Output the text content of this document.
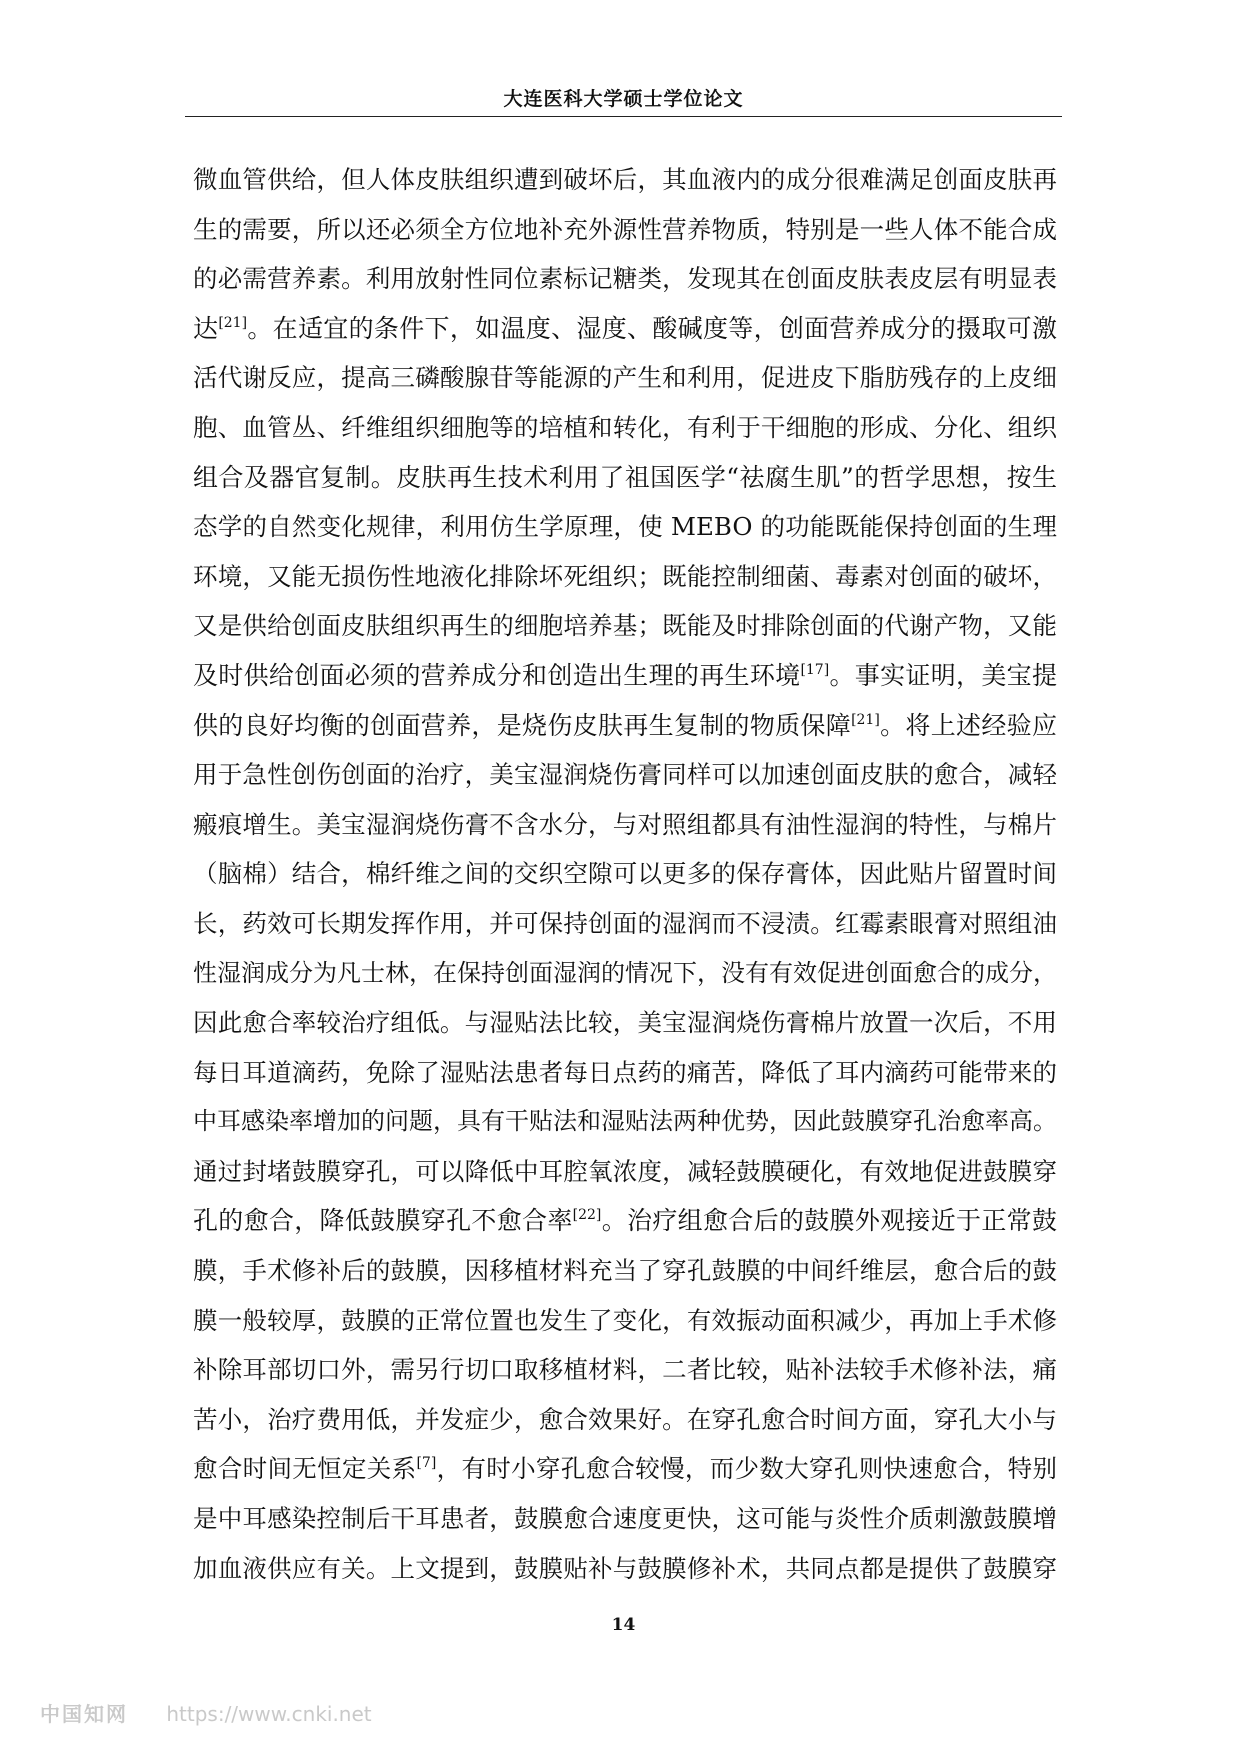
大连医科大学硕士学位论文
微血管供给，但人体皮肤组织遭到破坏后，其血液内的成分很难满足创面皮肤再
生的需要，所以还必须全方位地补充外源性营养物质，特别是一些人体不能合成
的必需营养素。利用放射性同位素标记糖类，发现其在创面皮肤表皮层有明显表
达[21]。在适宜的条件下，如温度、湿度、酸碱度等，创面营养成分的摄取可激
活代谢反应，提高三磷酸腺苷等能源的产生和利用，促进皮下脂肪残存的上皮细
胞、血管丛、纤维组织细胞等的培植和转化，有利于干细胞的形成、分化、组织
组合及器官复制。皮肤再生技术利用了祖国医学“祛腐生肌”的哲学思想，按生
态学的自然变化规律，利用仿生学原理，使 MEBO 的功能既能保持创面的生理
环境，又能无损伤性地液化排除坏死组织；既能控制细菌、毒素对创面的破坏，
又是供给创面皮肤组织再生的细胞培养基；既能及时排除创面的代谢产物，又能
及时供给创面必须的营养成分和创造出生理的再生环境[17]。事实证明，美宝提
供的良好均衡的创面营养，是烧伤皮肤再生复制的物质保障[21]。将上述经验应
用于急性创伤创面的治疗，美宝湿润烧伤膏同样可以加速创面皮肤的愈合，减轻
瘢痕增生。美宝湿润烧伤膏不含水分，与对照组都具有油性湿润的特性，与棉片
（脑棉）结合，棉纤维之间的交织空隙可以更多的保存膏体，因此贴片留置时间
长，药效可长期发挥作用，并可保持创面的湿润而不浸渍。红霉素眼膏对照组油
性湿润成分为凡士林，在保持创面湿润的情况下，没有有效促进创面愈合的成分，
因此愈合率较治疗组低。与湿贴法比较，美宝湿润烧伤膏棉片放置一次后，不用
每日耳道滴药，免除了湿贴法患者每日点药的痛苦，降低了耳内滴药可能带来的
中耳感染率增加的问题，具有干贴法和湿贴法两种优势，因此鼓膜穿孔治愈率高。
通过封堵鼓膜穿孔，可以降低中耳腔氧浓度，减轻鼓膜硬化，有效地促进鼓膜穿
孔的愈合，降低鼓膜穿孔不愈合率[22]。治疗组愈合后的鼓膜外观接近于正常鼓
膜，手术修补后的鼓膜，因移植材料充当了穿孔鼓膜的中间纤维层，愈合后的鼓
膜一般较厚，鼓膜的正常位置也发生了变化，有效振动面积减少，再加上手术修
补除耳部切口外，需另行切口取移植材料，二者比较，贴补法较手术修补法，痛
苦小，治疗费用低，并发症少，愈合效果好。在穿孔愈合时间方面，穿孔大小与
愈合时间无恒定关系[7]，有时小穿孔愈合较慢，而少数大穿孔则快速愈合，特别
是中耳感染控制后干耳患者，鼓膜愈合速度更快，这可能与炎性介质刺激鼓膜增
加血液供应有关。上文提到，鼓膜贴补与鼓膜修补术，共同点都是提供了鼓膜穿
14
中国知网 https://www.cnki.net
